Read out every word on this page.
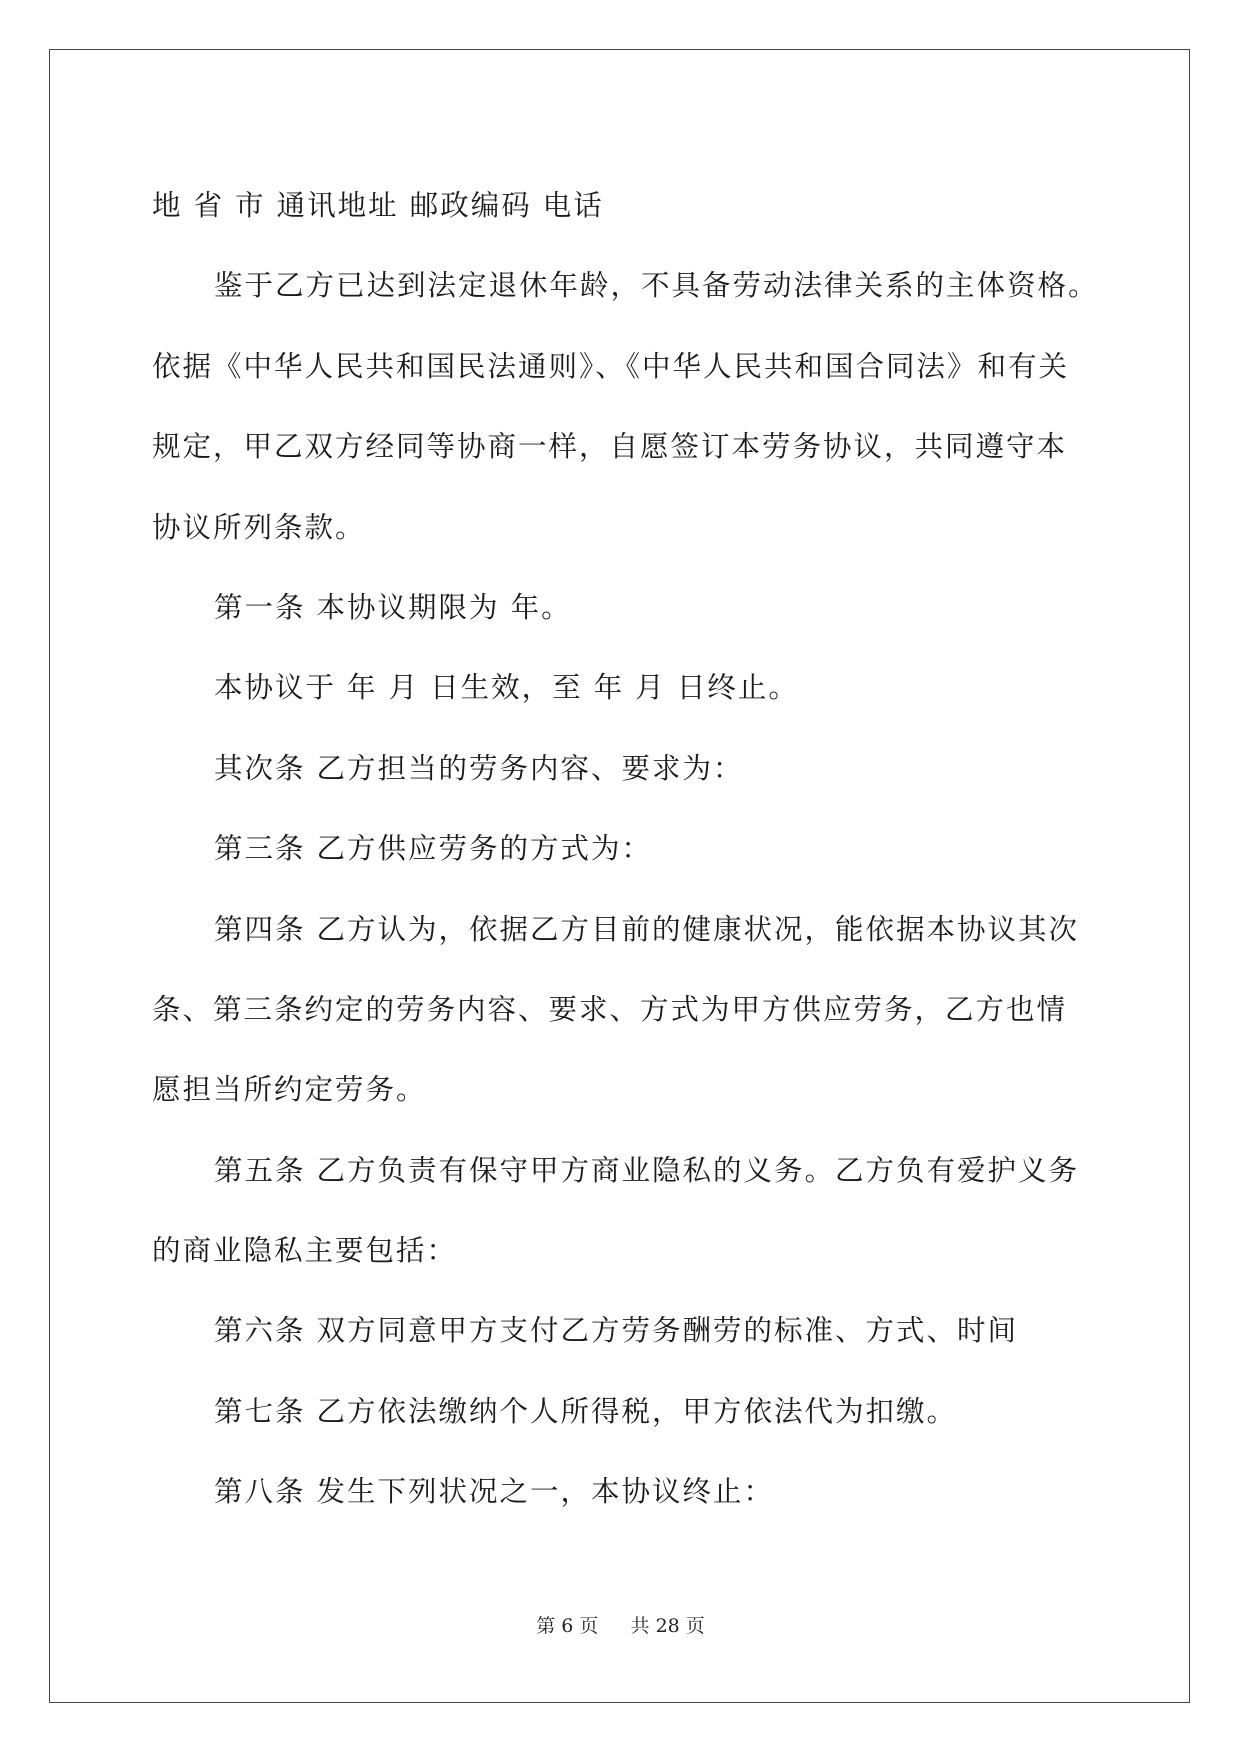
地 省 市 通讯地址 邮政编码 电话
鉴于乙方已达到法定退休年龄，不具备劳动法律关系的主体资格。
依据《中华人民共和国民法通则》、《中华人民共和国合同法》和有关
规定，甲乙双方经同等协商一样，自愿签订本劳务协议，共同遵守本
协议所列条款。
第一条 本协议期限为 年。
本协议于 年 月 日生效，至 年 月 日终止。
其次条 乙方担当的劳务内容、要求为：
第三条 乙方供应劳务的方式为：
第四条 乙方认为，依据乙方目前的健康状况，能依据本协议其次
条、第三条约定的劳务内容、要求、方式为甲方供应劳务，乙方也情
愿担当所约定劳务。
第五条 乙方负责有保守甲方商业隐私的义务。乙方负有爱护义务
的商业隐私主要包括：
第六条 双方同意甲方支付乙方劳务酬劳的标准、方式、时间
第七条 乙方依法缴纳个人所得税，甲方依法代为扣缴。
第八条 发生下列状况之一，本协议终止：
第 6 页 共 28 页
